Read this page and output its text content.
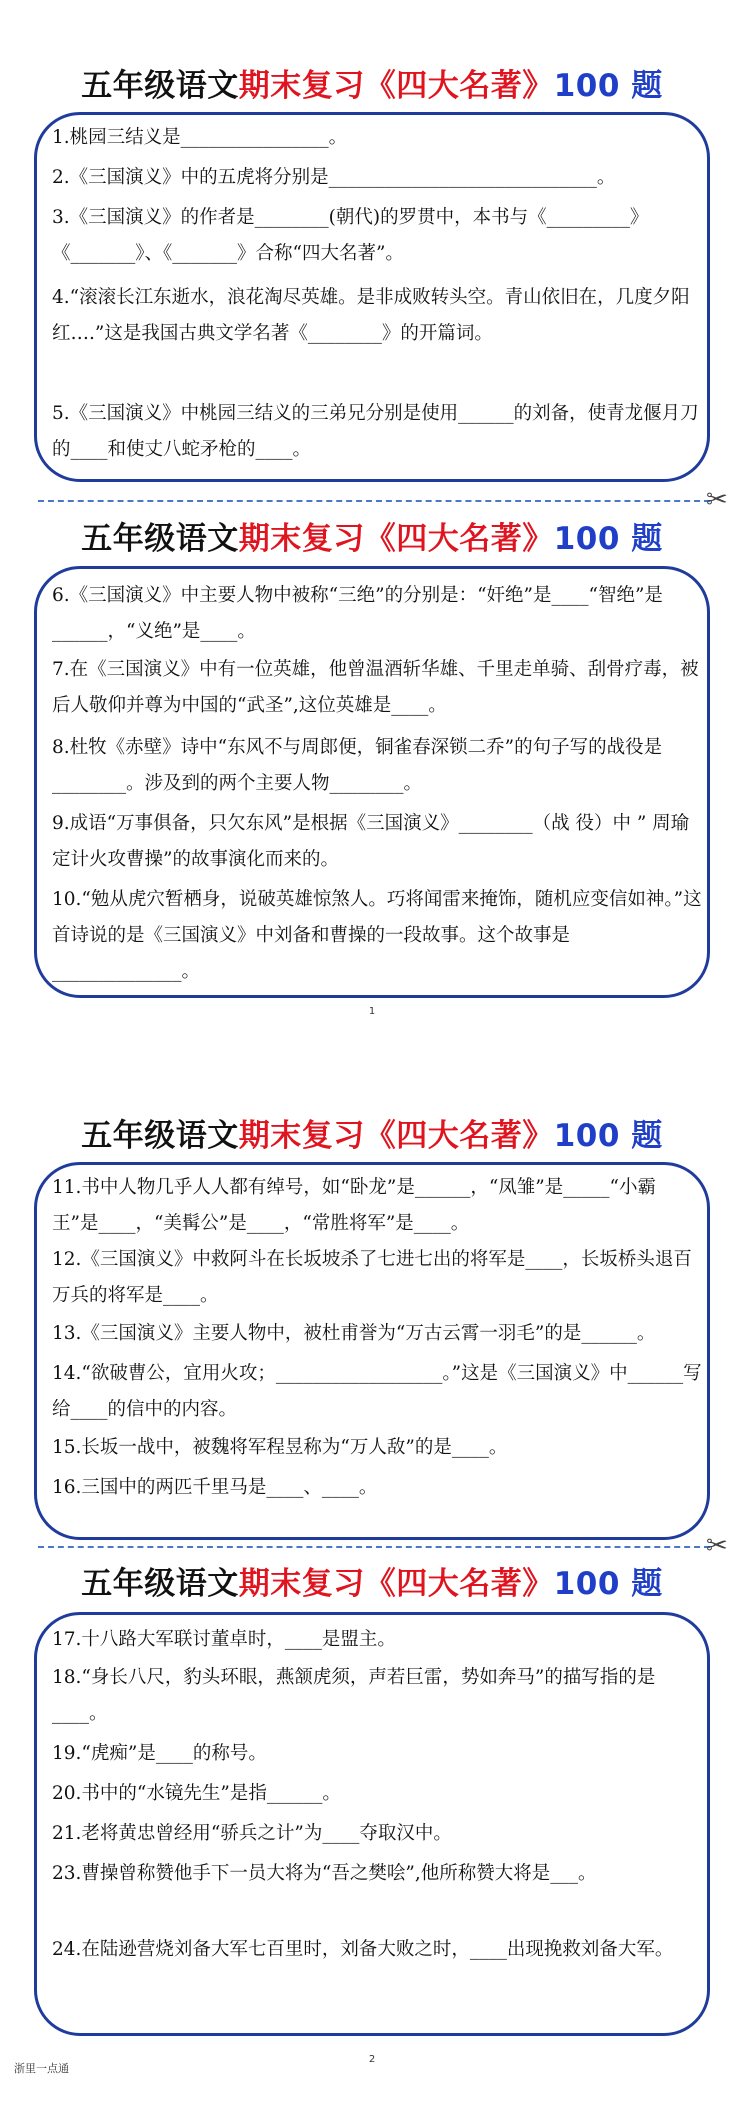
五年级语文期末复习《四大名著》100 题

1.桃园三结义是________________。

2.《三国演义》中的五虎将分别是_____________________________。

3.《三国演义》的作者是________(朝代)的罗贯中，本书与《_________》《_______》、《_______》合称“四大名著”。

4.“滚滚长江东逝水，浪花淘尽英雄。是非成败转头空。青山依旧在，几度夕阳红….”这是我国古典文学名著《________》的开篇词。

5.《三国演义》中桃园三结义的三弟兄分别是使用______的刘备，使青龙偃月刀的____和使丈八蛇矛枪的____。

✂
五年级语文期末复习《四大名著》100 题

6.《三国演义》中主要人物中被称“三绝”的分别是：“奸绝”是____“智绝”是______，“义绝”是____。

7.在《三国演义》中有一位英雄，他曾温酒斩华雄、千里走单骑、刮骨疗毒，被后人敬仰并尊为中国的“武圣”,这位英雄是____。

8.杜牧《赤壁》诗中“东风不与周郎便，铜雀春深锁二乔”的句子写的战役是________。涉及到的两个主要人物________。

9.成语“万事俱备，只欠东风”是根据《三国演义》________（战 役）中 ” 周瑜定计火攻曹操”的故事演化而来的。

10.“勉从虎穴暂栖身，说破英雄惊煞人。巧将闻雷来掩饰，随机应变信如神。”这首诗说的是《三国演义》中刘备和曹操的一段故事。这个故事是______________。

1
五年级语文期末复习《四大名著》100 题

11.书中人物几乎人人都有绰号，如“卧龙”是______，“凤雏”是_____“小霸王”是____，“美髯公”是____，“常胜将军”是____。

12.《三国演义》中救阿斗在长坂坡杀了七进七出的将军是____，长坂桥头退百万兵的将军是____。

13.《三国演义》主要人物中，被杜甫誉为“万古云霄一羽毛”的是______。

14.“欲破曹公，宜用火攻；__________________。”这是《三国演义》中______写给____的信中的内容。

15.长坂一战中，被魏将军程昱称为“万人敌”的是____。

16.三国中的两匹千里马是____、____。

✂
五年级语文期末复习《四大名著》100 题

17.十八路大军联讨董卓时，____是盟主。

18.“身长八尺，豹头环眼，燕颔虎须，声若巨雷，势如奔马”的描写指的是____。

19.“虎痴”是____的称号。

20.书中的“水镜先生”是指______。

21.老将黄忠曾经用“骄兵之计”为____夺取汉中。

23.曹操曾称赞他手下一员大将为“吾之樊哙”,他所称赞大将是___。

24.在陆逊营烧刘备大军七百里时，刘备大败之时，____出现挽救刘备大军。

2
浙里一点通
